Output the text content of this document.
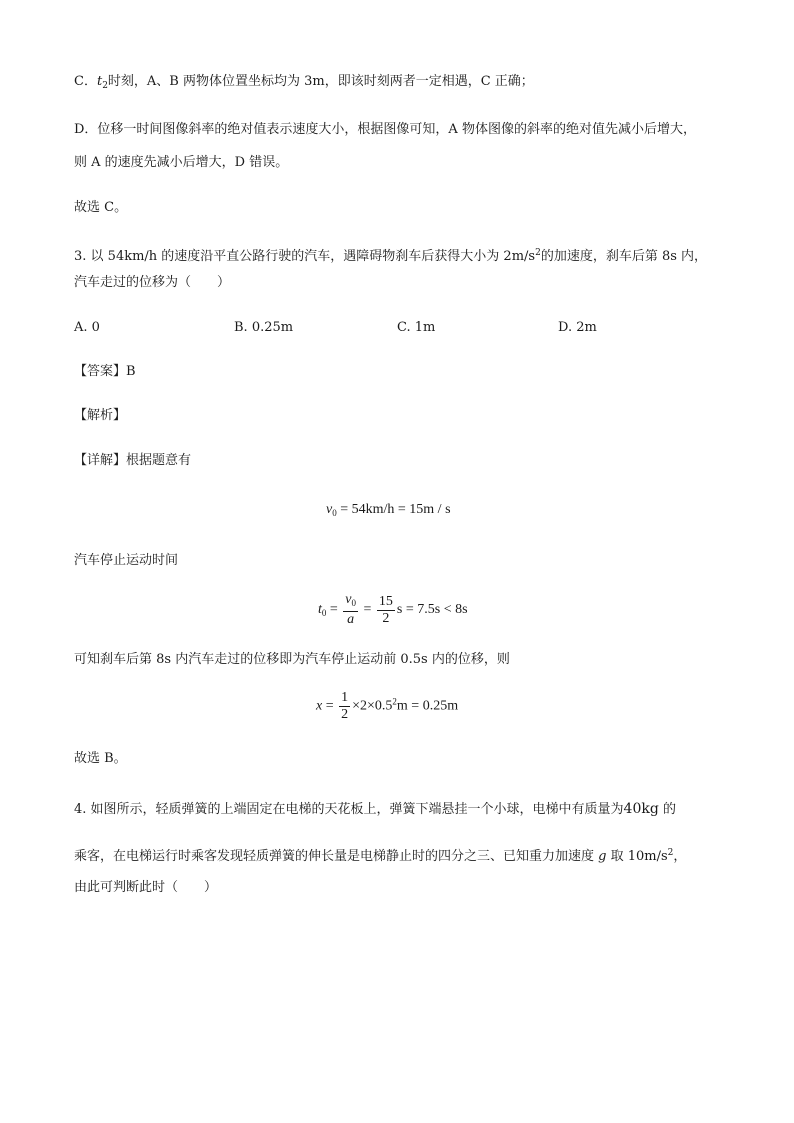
C．$t_2$时刻，A、B 两物体位置坐标均为 3m，即该时刻两者一定相遇，C 正确；
D．位移一时间图像斜率的绝对值表示速度大小，根据图像可知，A 物体图像的斜率的绝对值先减小后增大，
则 A 的速度先减小后增大，D 错误。
故选 C。
3. 以 54km/h 的速度沿平直公路行驶的汽车，遇障碍物刹车后获得大小为 $2m/s^2$的加速度，刹车后第 8s 内，
汽车走过的位移为（　　）
A. 0	B. 0.25m	C. 1m	D. 2m
【答案】B
【解析】
【详解】根据题意有
$v_0 = 54km/h = 15m / s$
汽车停止运动时间
$t_0 = \frac{v_0}{a} = \frac{15}{2}$ s = 7.5s < 8s
可知刹车后第 8s 内汽车走过的位移即为汽车停止运动前 0.5s 内的位移，则
$x = \frac{1}{2} \times 2\times 0.5^2m = 0.25m$
故选 B。
4. 如图所示，轻质弹簧的上端固定在电梯的天花板上，弹簧下端悬挂一个小球，电梯中有质量为40kg 的
乘客，在电梯运行时乘客发现轻质弹簧的伸长量是电梯静止时的四分之三、已知重力加速度 g 取 $10m/s^2$，
由此可判断此时（　　）
